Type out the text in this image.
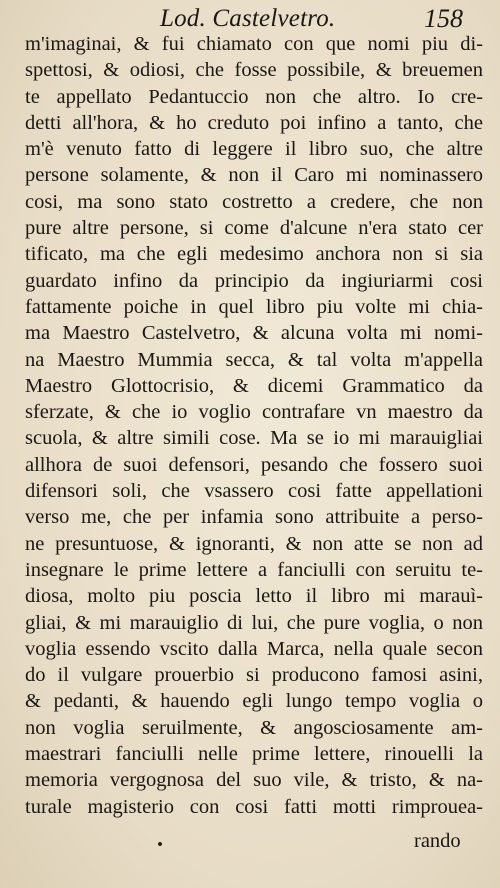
Lod. Castelvetro.	158
m'imaginai, & fui chiamato con que nomi piu di-
spettosi, & odiosi, che fosse possibile, & breuemen
te appellato Pedantuccio non che altro. Io cre-
detti all'hora, & ho creduto poi infino a tanto, che
m'è venuto fatto di leggere il libro suo, che altre
persone solamente, & non il Caro mi nominassero
cosi, ma sono stato costretto a credere, che non
pure altre persone, si come d'alcune n'era stato cer
tificato, ma che egli medesimo anchora non si sia
guardato infino da principio da ingiuriarmi cosi
fattamente poiche in quel libro piu volte mi chia-
ma Maestro Castelvetro, & alcuna volta mi nomi-
na Maestro Mummia secca, & tal volta m'appella
Maestro Glottocrisio, & dicemi Grammatico da
sferzate, & che io voglio contrafare vn maestro da
scuola, & altre simili cose. Ma se io mi marauigliai
allhora de suoi defensori, pesando che fossero suoi
difensori soli, che vsassero cosi fatte appellationi
verso me, che per infamia sono attribuite a perso-
ne presuntuose, & ignoranti, & non atte se non ad
insegnare le prime lettere a fanciulli con seruitu te-
diosa, molto piu poscia letto il libro mi marauì-
gliai, & mi marauiglio di lui, che pure voglia, o non
voglia essendo vscito dalla Marca, nella quale secon
do il vulgare prouerbio si producono famosi asini,
& pedanti, & hauendo egli lungo tempo voglia o
non voglia seruilmente, & angosciosamente am-
maestrari fanciulli nelle prime lettere, rinouelli la
memoria vergognosa del suo vile, & tristo, & na-
turale magisterio con cosi fatti motti rimprouea-
rando
